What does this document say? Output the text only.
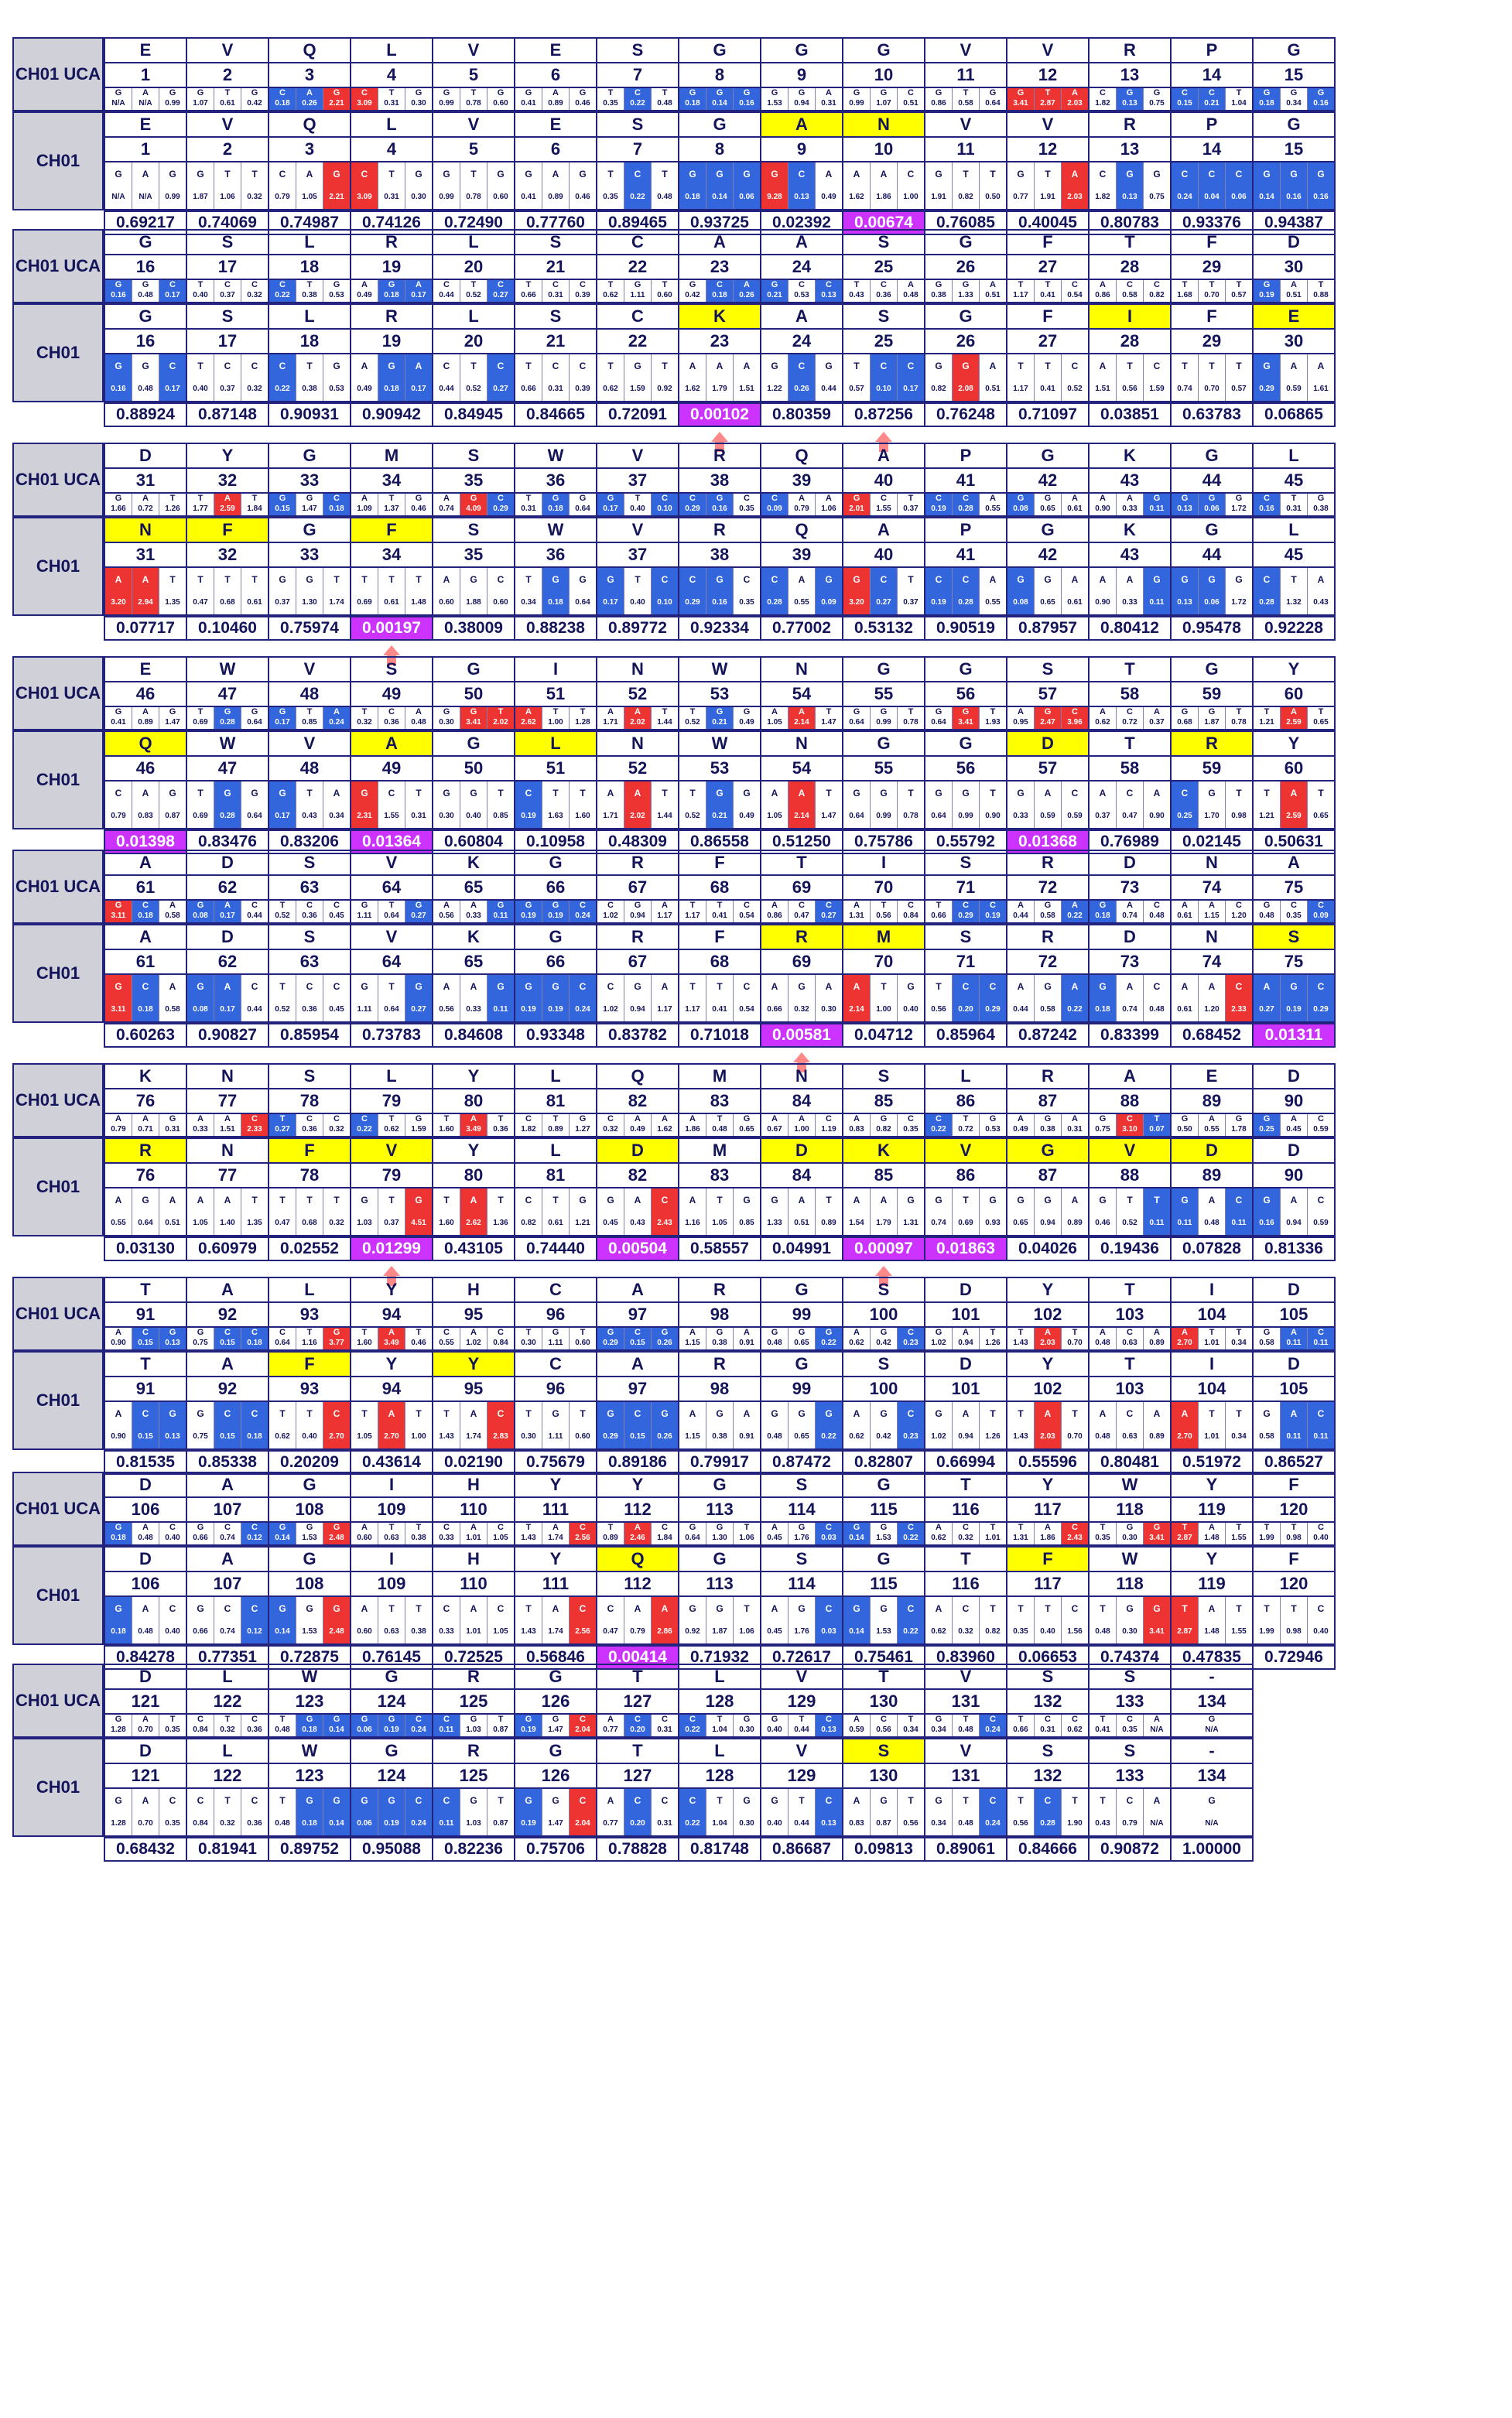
CH01 UCA
CH01
E
1
E
1
G
N/A
A
N/A
G
0.99
G
N/A
A
N/A
G
0.99
0.69217
V
2
V
2
G
1.07
T
0.61
G
0.42
G
1.87
T
1.06
T
0.32
0.74069
Q
3
Q
3
C
0.18
A
0.26
G
2.21
C
0.79
A
1.05
G
2.21
0.74987
L
4
L
4
C
3.09
T
0.31
G
0.30
C
3.09
T
0.31
G
0.30
0.74126
V
5
V
5
G
0.99
T
0.78
G
0.60
G
0.99
T
0.78
G
0.60
0.72490
E
6
E
6
G
0.41
A
0.89
G
0.46
G
0.41
A
0.89
G
0.46
0.77760
S
7
S
7
T
0.35
C
0.22
T
0.48
T
0.35
C
0.22
T
0.48
0.89465
G
8
G
8
G
0.18
G
0.14
G
0.16
G
0.18
G
0.14
G
0.06
0.93725
G
9
A
9
G
1.53
G
0.94
A
0.31
G
9.28
C
0.13
A
0.49
0.02392
G
10
N
10
G
0.99
G
1.07
C
0.51
A
1.62
A
1.86
C
1.00
0.00674
V
11
V
11
G
0.86
T
0.58
G
0.64
G
1.91
T
0.82
T
0.50
0.76085
V
12
V
12
G
3.41
T
2.87
A
2.03
G
0.77
T
1.91
A
2.03
0.40045
R
13
R
13
C
1.82
G
0.13
G
0.75
C
1.82
G
0.13
G
0.75
0.80783
P
14
P
14
C
0.15
C
0.21
T
1.04
C
0.24
C
0.04
C
0.06
0.93376
G
15
G
15
G
0.18
G
0.34
G
0.16
G
0.14
G
0.16
G
0.16
0.94387
CH01 UCA
CH01
G
16
G
16
G
0.16
G
0.48
C
0.17
G
0.16
G
0.48
C
0.17
0.88924
S
17
S
17
T
0.40
C
0.37
C
0.32
T
0.40
C
0.37
C
0.32
0.87148
L
18
L
18
C
0.22
T
0.38
G
0.53
C
0.22
T
0.38
G
0.53
0.90931
R
19
R
19
A
0.49
G
0.18
A
0.17
A
0.49
G
0.18
A
0.17
0.90942
L
20
L
20
C
0.44
T
0.52
C
0.27
C
0.44
T
0.52
C
0.27
0.84945
S
21
S
21
T
0.66
C
0.31
C
0.39
T
0.66
C
0.31
C
0.39
0.84665
C
22
C
22
T
0.62
G
1.11
T
0.60
T
0.62
G
1.59
T
0.92
0.72091
A
23
K
23
G
0.42
C
0.18
A
0.26
A
1.62
A
1.79
A
1.51
0.00102
A
24
A
24
G
0.21
C
0.53
C
0.13
G
1.22
C
0.26
G
0.44
0.80359
S
25
S
25
T
0.43
C
0.36
A
0.48
T
0.57
C
0.10
C
0.17
0.87256
G
26
G
26
G
0.38
G
1.33
A
0.51
G
0.82
G
2.08
A
0.51
0.76248
F
27
F
27
T
1.17
T
0.41
C
0.54
T
1.17
T
0.41
C
0.52
0.71097
T
28
I
28
A
0.86
C
0.58
C
0.82
A
1.51
T
0.56
C
1.59
0.03851
F
29
F
29
T
1.68
T
0.70
T
0.57
T
0.74
T
0.70
T
0.57
0.63783
D
30
E
30
G
0.19
A
0.51
T
0.88
G
0.29
A
0.59
A
1.61
0.06865
CH01 UCA
CH01
D
31
N
31
G
1.66
A
0.72
T
1.26
A
3.20
A
2.94
T
1.35
0.07717
Y
32
F
32
T
1.77
A
2.59
T
1.84
T
0.47
T
0.68
T
0.61
0.10460
G
33
G
33
G
0.15
G
1.47
C
0.18
G
0.37
G
1.30
T
1.74
0.75974
M
34
F
34
A
1.09
T
1.37
G
0.46
T
0.69
T
0.61
T
1.48
0.00197
S
35
S
35
A
0.74
G
4.09
C
0.29
A
0.60
G
1.88
C
0.60
0.38009
W
36
W
36
T
0.31
G
0.18
G
0.64
T
0.34
G
0.18
G
0.64
0.88238
V
37
V
37
G
0.17
T
0.40
C
0.10
G
0.17
T
0.40
C
0.10
0.89772
R
38
R
38
C
0.29
G
0.16
C
0.35
C
0.29
G
0.16
C
0.35
0.92334
Q
39
Q
39
C
0.09
A
0.79
A
1.06
C
0.28
A
0.55
G
0.09
0.77002
A
40
A
40
G
2.01
C
1.55
T
0.37
G
3.20
C
0.27
T
0.37
0.53132
P
41
P
41
C
0.19
C
0.28
A
0.55
C
0.19
C
0.28
A
0.55
0.90519
G
42
G
42
G
0.08
G
0.65
A
0.61
G
0.08
G
0.65
A
0.61
0.87957
K
43
K
43
A
0.90
A
0.33
G
0.11
A
0.90
A
0.33
G
0.11
0.80412
G
44
G
44
G
0.13
G
0.06
G
1.72
G
0.13
G
0.06
G
1.72
0.95478
L
45
L
45
C
0.16
T
0.31
G
0.38
C
0.28
T
1.32
A
0.43
0.92228
CH01 UCA
CH01
E
46
Q
46
G
0.41
A
0.89
G
1.47
C
0.79
A
0.83
G
0.87
0.01398
W
47
W
47
T
0.69
G
0.28
G
0.64
T
0.69
G
0.28
G
0.64
0.83476
V
48
V
48
G
0.17
T
0.85
A
0.24
G
0.17
T
0.43
A
0.34
0.83206
S
49
A
49
T
0.32
C
0.36
A
0.48
G
2.31
C
1.55
T
0.31
0.01364
G
50
G
50
G
0.30
G
3.41
T
2.02
G
0.30
G
0.40
T
0.85
0.60804
I
51
L
51
A
2.62
T
1.00
T
1.28
C
0.19
T
1.63
T
1.60
0.10958
N
52
N
52
A
1.71
A
2.02
T
1.44
A
1.71
A
2.02
T
1.44
0.48309
W
53
W
53
T
0.52
G
0.21
G
0.49
T
0.52
G
0.21
G
0.49
0.86558
N
54
N
54
A
1.05
A
2.14
T
1.47
A
1.05
A
2.14
T
1.47
0.51250
G
55
G
55
G
0.64
G
0.99
T
0.78
G
0.64
G
0.99
T
0.78
0.75786
G
56
G
56
G
0.64
G
3.41
T
1.93
G
0.64
G
0.99
T
0.90
0.55792
S
57
D
57
A
0.95
G
2.47
C
3.96
G
0.33
A
0.59
C
0.59
0.01368
T
58
T
58
A
0.62
C
0.72
A
0.37
A
0.37
C
0.47
A
0.90
0.76989
G
59
R
59
G
0.68
G
1.87
T
0.78
C
0.25
G
1.70
T
0.98
0.02145
Y
60
Y
60
T
1.21
A
2.59
T
0.65
T
1.21
A
2.59
T
0.65
0.50631
CH01 UCA
CH01
A
61
A
61
G
3.11
C
0.18
A
0.58
G
3.11
C
0.18
A
0.58
0.60263
D
62
D
62
G
0.08
A
0.17
C
0.44
G
0.08
A
0.17
C
0.44
0.90827
S
63
S
63
T
0.52
C
0.36
C
0.45
T
0.52
C
0.36
C
0.45
0.85954
V
64
V
64
G
1.11
T
0.64
G
0.27
G
1.11
T
0.64
G
0.27
0.73783
K
65
K
65
A
0.56
A
0.33
G
0.11
A
0.56
A
0.33
G
0.11
0.84608
G
66
G
66
G
0.19
G
0.19
C
0.24
G
0.19
G
0.19
C
0.24
0.93348
R
67
R
67
C
1.02
G
0.94
A
1.17
C
1.02
G
0.94
A
1.17
0.83782
F
68
F
68
T
1.17
T
0.41
C
0.54
T
1.17
T
0.41
C
0.54
0.71018
T
69
R
69
A
0.86
C
0.47
C
0.27
A
0.66
G
0.32
A
0.30
0.00581
I
70
M
70
A
1.31
T
0.56
C
0.84
A
2.14
T
1.00
G
0.40
0.04712
S
71
S
71
T
0.66
C
0.29
C
0.19
T
0.56
C
0.20
C
0.29
0.85964
R
72
R
72
A
0.44
G
0.58
A
0.22
A
0.44
G
0.58
A
0.22
0.87242
D
73
D
73
G
0.18
A
0.74
C
0.48
G
0.18
A
0.74
C
0.48
0.83399
N
74
N
74
A
0.61
A
1.15
C
1.20
A
0.61
A
1.20
C
2.33
0.68452
A
75
S
75
G
0.48
C
0.35
C
0.09
A
0.27
G
0.19
C
0.29
0.01311
CH01 UCA
CH01
K
76
R
76
A
0.79
A
0.71
G
0.31
A
0.55
G
0.64
A
0.51
0.03130
N
77
N
77
A
0.33
A
1.51
C
2.33
A
1.05
A
1.40
T
1.35
0.60979
S
78
F
78
T
0.27
C
0.36
C
0.32
T
0.47
T
0.68
T
0.32
0.02552
L
79
V
79
C
0.22
T
0.62
G
1.59
G
1.03
T
0.37
G
4.51
0.01299
Y
80
Y
80
T
1.60
A
3.49
T
0.36
T
1.60
A
2.62
T
1.36
0.43105
L
81
L
81
C
1.82
T
0.89
G
1.27
C
0.82
T
0.61
G
1.21
0.74440
Q
82
D
82
C
0.32
A
0.49
A
1.62
G
0.45
A
0.43
C
2.43
0.00504
M
83
M
83
A
1.86
T
0.48
G
0.65
A
1.16
T
1.05
G
0.85
0.58557
N
84
D
84
A
0.67
A
1.00
C
1.19
G
1.33
A
0.51
T
0.89
0.04991
S
85
K
85
A
0.83
G
0.82
C
0.35
A
1.54
A
1.79
G
1.31
0.00097
L
86
V
86
C
0.22
T
0.72
G
0.53
G
0.74
T
0.69
G
0.93
0.01863
R
87
G
87
A
0.49
G
0.38
A
0.31
G
0.65
G
0.94
A
0.89
0.04026
A
88
V
88
G
0.75
C
3.10
T
0.07
G
0.46
T
0.52
T
0.11
0.19436
E
89
D
89
G
0.50
A
0.55
G
1.78
G
0.11
A
0.48
C
0.11
0.07828
D
90
D
90
G
0.25
A
0.45
C
0.59
G
0.16
A
0.94
C
0.59
0.81336
CH01 UCA
CH01
T
91
T
91
A
0.90
C
0.15
G
0.13
A
0.90
C
0.15
G
0.13
0.81535
A
92
A
92
G
0.75
C
0.15
C
0.18
G
0.75
C
0.15
C
0.18
0.85338
L
93
F
93
C
0.64
T
1.16
G
3.77
T
0.62
T
0.40
C
2.70
0.20209
Y
94
Y
94
T
1.60
A
3.49
T
0.46
T
1.05
A
2.70
T
1.00
0.43614
H
95
Y
95
C
0.55
A
1.02
C
0.84
T
1.43
A
1.74
C
2.83
0.02190
C
96
C
96
T
0.30
G
1.11
T
0.60
T
0.30
G
1.11
T
0.60
0.75679
A
97
A
97
G
0.29
C
0.15
G
0.26
G
0.29
C
0.15
G
0.26
0.89186
R
98
R
98
A
1.15
G
0.38
A
0.91
A
1.15
G
0.38
A
0.91
0.79917
G
99
G
99
G
0.48
G
0.65
G
0.22
G
0.48
G
0.65
G
0.22
0.87472
S
100
S
100
A
0.62
G
0.42
C
0.23
A
0.62
G
0.42
C
0.23
0.82807
D
101
D
101
G
1.02
A
0.94
T
1.26
G
1.02
A
0.94
T
1.26
0.66994
Y
102
Y
102
T
1.43
A
2.03
T
0.70
T
1.43
A
2.03
T
0.70
0.55596
T
103
T
103
A
0.48
C
0.63
A
0.89
A
0.48
C
0.63
A
0.89
0.80481
I
104
I
104
A
2.70
T
1.01
T
0.34
A
2.70
T
1.01
T
0.34
0.51972
D
105
D
105
G
0.58
A
0.11
C
0.11
G
0.58
A
0.11
C
0.11
0.86527
CH01 UCA
CH01
D
106
D
106
G
0.18
A
0.48
C
0.40
G
0.18
A
0.48
C
0.40
0.84278
A
107
A
107
G
0.66
C
0.74
C
0.12
G
0.66
C
0.74
C
0.12
0.77351
G
108
G
108
G
0.14
G
1.53
G
2.48
G
0.14
G
1.53
G
2.48
0.72875
I
109
I
109
A
0.60
T
0.63
T
0.38
A
0.60
T
0.63
T
0.38
0.76145
H
110
H
110
C
0.33
A
1.01
C
1.05
C
0.33
A
1.01
C
1.05
0.72525
Y
111
Y
111
T
1.43
A
1.74
C
2.56
T
1.43
A
1.74
C
2.56
0.56846
Y
112
Q
112
T
0.89
A
2.46
C
1.84
C
0.47
A
0.79
A
2.86
0.00414
G
113
G
113
G
0.64
G
1.30
T
1.06
G
0.92
G
1.87
T
1.06
0.71932
S
114
S
114
A
0.45
G
1.76
C
0.03
A
0.45
G
1.76
C
0.03
0.72617
G
115
G
115
G
0.14
G
1.53
C
0.22
G
0.14
G
1.53
C
0.22
0.75461
T
116
T
116
A
0.62
C
0.32
T
1.01
A
0.62
C
0.32
T
0.82
0.83960
Y
117
F
117
T
1.31
A
1.86
C
2.43
T
0.35
T
0.40
C
1.56
0.06653
W
118
W
118
T
0.35
G
0.30
G
3.41
T
0.48
G
0.30
G
3.41
0.74374
Y
119
Y
119
T
2.87
A
1.48
T
1.55
T
2.87
A
1.48
T
1.55
0.47835
F
120
F
120
T
1.99
T
0.98
C
0.40
T
1.99
T
0.98
C
0.40
0.72946
CH01 UCA
CH01
D
121
D
121
G
1.28
A
0.70
T
0.35
G
1.28
A
0.70
C
0.35
0.68432
L
122
L
122
C
0.84
T
0.32
C
0.36
C
0.84
T
0.32
C
0.36
0.81941
W
123
W
123
T
0.48
G
0.18
G
0.14
T
0.48
G
0.18
G
0.14
0.89752
G
124
G
124
G
0.06
G
0.19
C
0.24
G
0.06
G
0.19
C
0.24
0.95088
R
125
R
125
C
0.11
G
1.03
T
0.87
C
0.11
G
1.03
T
0.87
0.82236
G
126
G
126
G
0.19
G
1.47
C
2.04
G
0.19
G
1.47
C
2.04
0.75706
T
127
T
127
A
0.77
C
0.20
C
0.31
A
0.77
C
0.20
C
0.31
0.78828
L
128
L
128
C
0.22
T
1.04
G
0.30
C
0.22
T
1.04
G
0.30
0.81748
V
129
V
129
G
0.40
T
0.44
C
0.13
G
0.40
T
0.44
C
0.13
0.86687
T
130
S
130
A
0.59
C
0.56
T
0.34
A
0.83
G
0.87
T
0.56
0.09813
V
131
V
131
G
0.34
T
0.48
C
0.24
G
0.34
T
0.48
C
0.24
0.89061
S
132
S
132
T
0.66
C
0.31
C
0.62
T
0.56
C
0.28
T
1.90
0.84666
S
133
S
133
T
0.41
C
0.35
A
N/A
T
0.43
C
0.79
A
N/A
0.90872
-
134
-
134
G
N/A
G
N/A
1.00000
